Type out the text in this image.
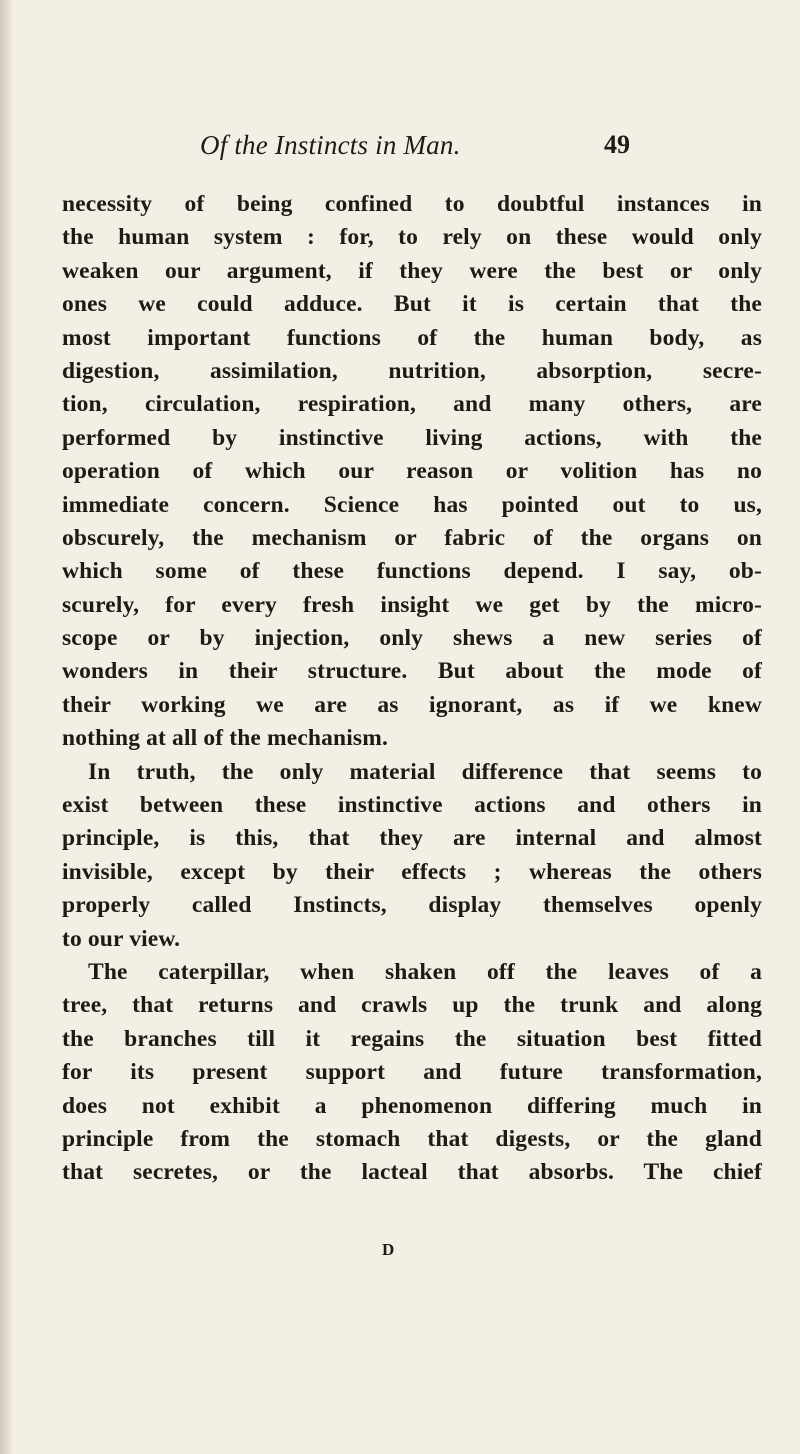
Of the Instincts in Man.	49
necessity of being confined to doubtful instances in
the human system : for, to rely on these would only
weaken our argument, if they were the best or only
ones we could adduce. But it is certain that the
most important functions of the human body, as
digestion, assimilation, nutrition, absorption, secre-
tion, circulation, respiration, and many others, are
performed by instinctive living actions, with the
operation of which our reason or volition has no
immediate concern. Science has pointed out to us,
obscurely, the mechanism or fabric of the organs on
which some of these functions depend. I say, ob-
scurely, for every fresh insight we get by the micro-
scope or by injection, only shews a new series of
wonders in their structure. But about the mode of
their working we are as ignorant, as if we knew
nothing at all of the mechanism.
In truth, the only material difference that seems to
exist between these instinctive actions and others in
principle, is this, that they are internal and almost
invisible, except by their effects ; whereas the others
properly called Instincts, display themselves openly
to our view.
The caterpillar, when shaken off the leaves of a
tree, that returns and crawls up the trunk and along
the branches till it regains the situation best fitted
for its present support and future transformation,
does not exhibit a phenomenon differing much in
principle from the stomach that digests, or the gland
that secretes, or the lacteal that absorbs. The chief
D
